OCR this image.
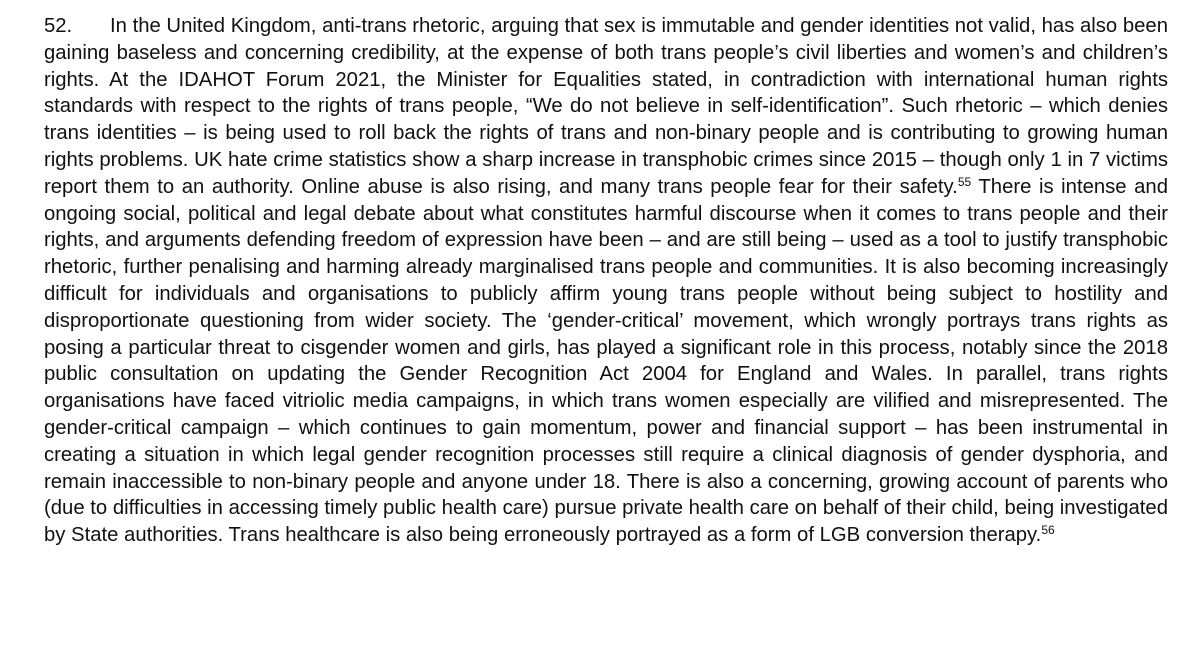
52. In the United Kingdom, anti-trans rhetoric, arguing that sex is immutable and gender identities not valid, has also been gaining baseless and concerning credibility, at the expense of both trans people’s civil liberties and women’s and children’s rights. At the IDAHOT Forum 2021, the Minister for Equalities stated, in contradiction with international human rights standards with respect to the rights of trans people, “We do not believe in self-identification”. Such rhetoric – which denies trans identities – is being used to roll back the rights of trans and non-binary people and is contributing to growing human rights problems. UK hate crime statistics show a sharp increase in transphobic crimes since 2015 – though only 1 in 7 victims report them to an authority. Online abuse is also rising, and many trans people fear for their safety.$^{55}$ There is intense and ongoing social, political and legal debate about what constitutes harmful discourse when it comes to trans people and their rights, and arguments defending freedom of expression have been – and are still being – used as a tool to justify transphobic rhetoric, further penalising and harming already marginalised trans people and communities. It is also becoming increasingly difficult for individuals and organisations to publicly affirm young trans people without being subject to hostility and disproportionate questioning from wider society. The ‘gender-critical’ movement, which wrongly portrays trans rights as posing a particular threat to cisgender women and girls, has played a significant role in this process, notably since the 2018 public consultation on updating the Gender Recognition Act 2004 for England and Wales. In parallel, trans rights organisations have faced vitriolic media campaigns, in which trans women especially are vilified and misrepresented. The gender-critical campaign – which continues to gain momentum, power and financial support – has been instrumental in creating a situation in which legal gender recognition processes still require a clinical diagnosis of gender dysphoria, and remain inaccessible to non-binary people and anyone under 18. There is also a concerning, growing account of parents who (due to difficulties in accessing timely public health care) pursue private health care on behalf of their child, being investigated by State authorities. Trans healthcare is also being erroneously portrayed as a form of LGB conversion therapy.$^{56}$
